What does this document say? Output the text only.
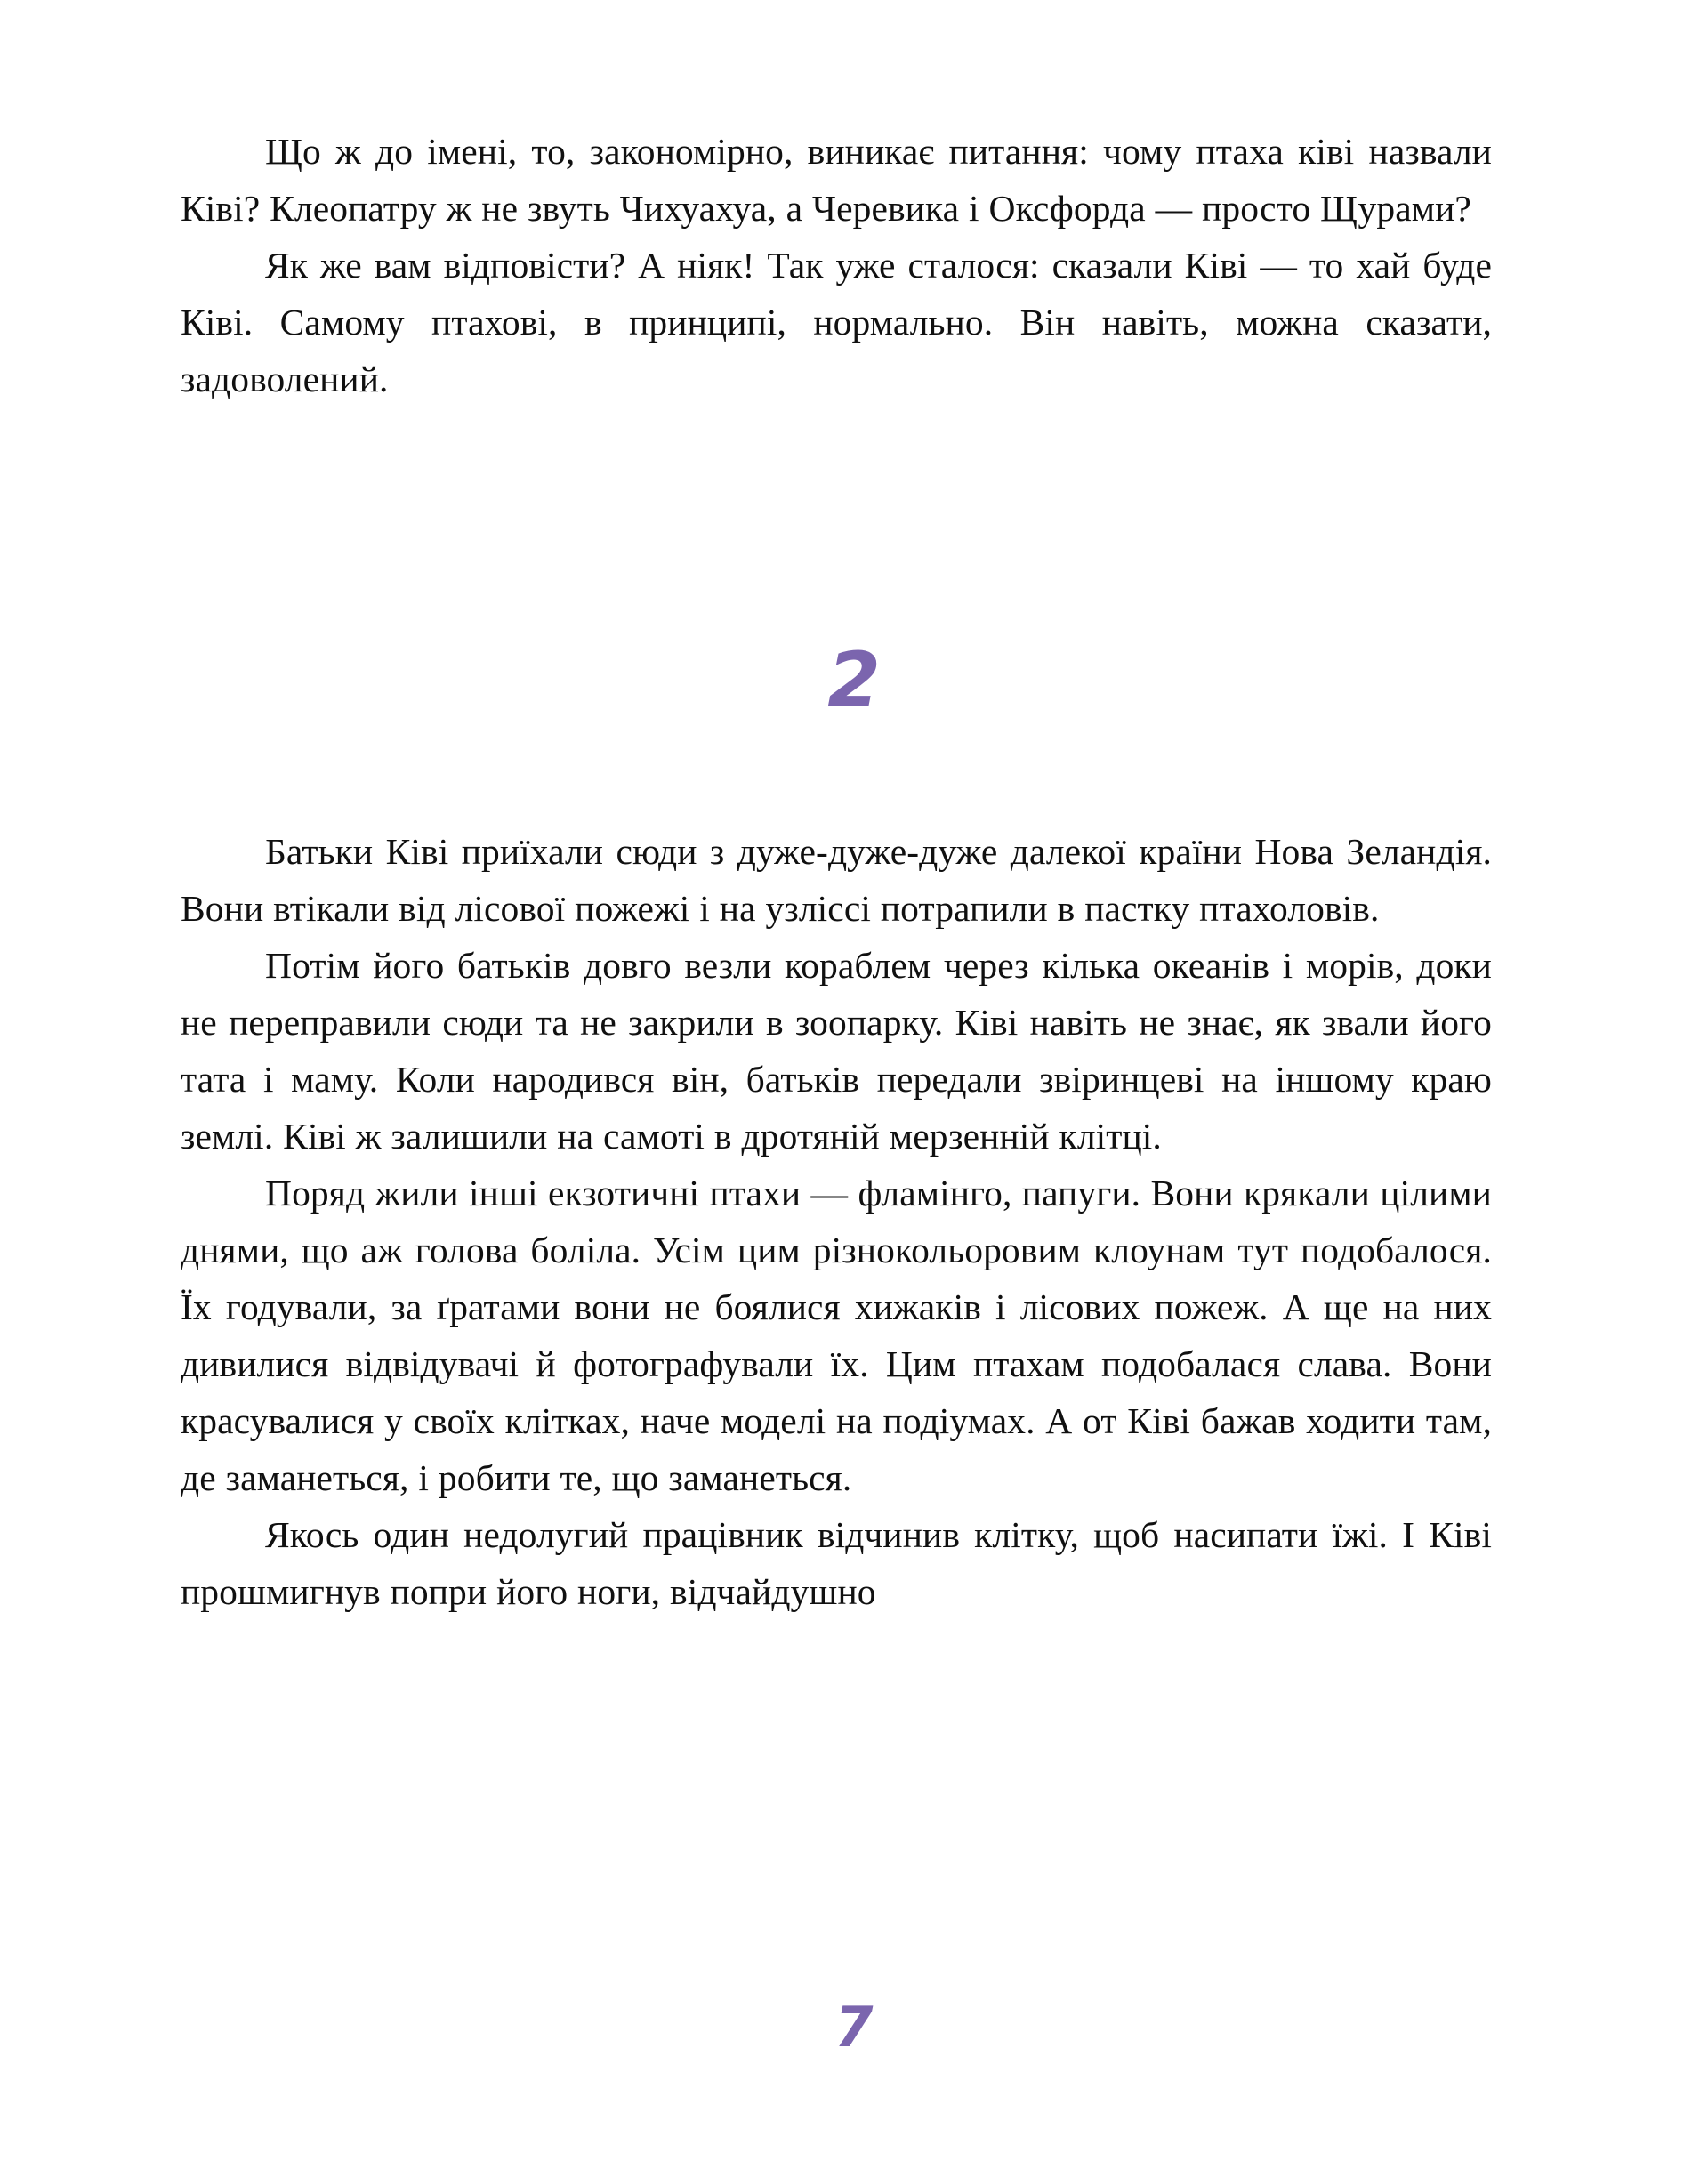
Що ж до імені, то, закономірно, виникає питання: чому птаха ківі назвали Ківі? Клеопатру ж не звуть Чихуахуа, а Черевика і Оксфорда — просто Щурами?

Як же вам відповісти? А ніяк! Так уже сталося: сказали Ківі — то хай буде Ківі. Самому птахові, в принципі, нормально. Він навіть, можна сказати, задоволений.

2

Батьки Ківі приїхали сюди з дуже-дуже-дуже далекої країни Нова Зеландія. Вони втікали від лісової пожежі і на узліссі потрапили в пастку птахоловів.

Потім його батьків довго везли кораблем через кілька океанів і морів, доки не переправили сюди та не закрили в зоопарку. Ківі навіть не знає, як звали його тата і маму. Коли народився він, батьків передали звіринцеві на іншому краю землі. Ківі ж залишили на самоті в дротяній мерзенній клітці.

Поряд жили інші екзотичні птахи — фламінго, папуги. Вони крякали цілими днями, що аж голова боліла. Усім цим різнокольоровим клоунам тут подобалося. Їх годували, за ґратами вони не боялися хижаків і лісових пожеж. А ще на них дивилися відвідувачі й фотографували їх. Цим птахам подобалася слава. Вони красувалися у своїх клітках, наче моделі на подіумах. А от Ківі бажав ходити там, де заманеться, і робити те, що заманеться.

Якось один недолугий працівник відчинив клітку, щоб насипати їжі. І Ківі прошмигнув попри його ноги, відчайдушно

7
